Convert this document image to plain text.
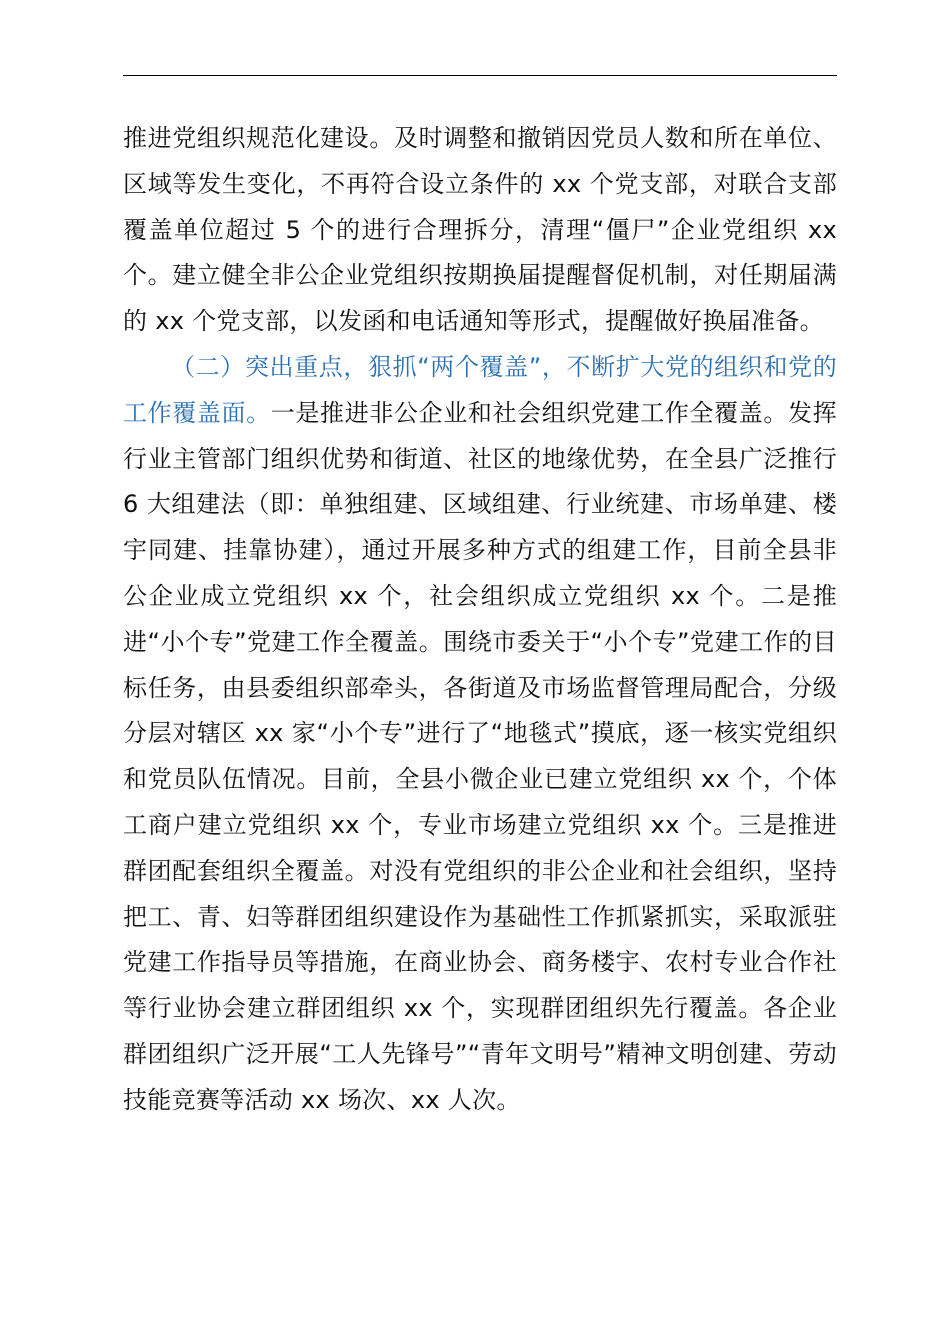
推进党组织规范化建设。及时调整和撤销因党员人数和所在单位、区域等发生变化，不再符合设立条件的 xx 个党支部，对联合支部覆盖单位超过 5 个的进行合理拆分，清理“僵尸”企业党组织 xx 个。建立健全非公企业党组织按期换届提醒督促机制，对任期届满的 xx 个党支部，以发函和电话通知等形式，提醒做好换届准备。

（二）突出重点，狠抓“两个覆盖”，不断扩大党的组织和党的工作覆盖面。一是推进非公企业和社会组织党建工作全覆盖。发挥行业主管部门组织优势和街道、社区的地缘优势，在全县广泛推行 6 大组建法（即：单独组建、区域组建、行业统建、市场单建、楼宇同建、挂靠协建），通过开展多种方式的组建工作，目前全县非公企业成立党组织 xx 个，社会组织成立党组织 xx 个。二是推进“小个专”党建工作全覆盖。围绕市委关于“小个专”党建工作的目标任务，由县委组织部牵头，各街道及市场监督管理局配合，分级分层对辖区 xx 家“小个专”进行了“地毯式”摸底，逐一核实党组织和党员队伍情况。目前，全县小微企业已建立党组织 xx 个，个体工商户建立党组织 xx 个，专业市场建立党组织 xx 个。三是推进群团配套组织全覆盖。对没有党组织的非公企业和社会组织，坚持把工、青、妇等群团组织建设作为基础性工作抓紧抓实，采取派驻党建工作指导员等措施，在商业协会、商务楼宇、农村专业合作社等行业协会建立群团组织 xx 个，实现群团组织先行覆盖。各企业群团组织广泛开展“工人先锋号”“青年文明号”精神文明创建、劳动技能竞赛等活动 xx 场次、xx 人次。
